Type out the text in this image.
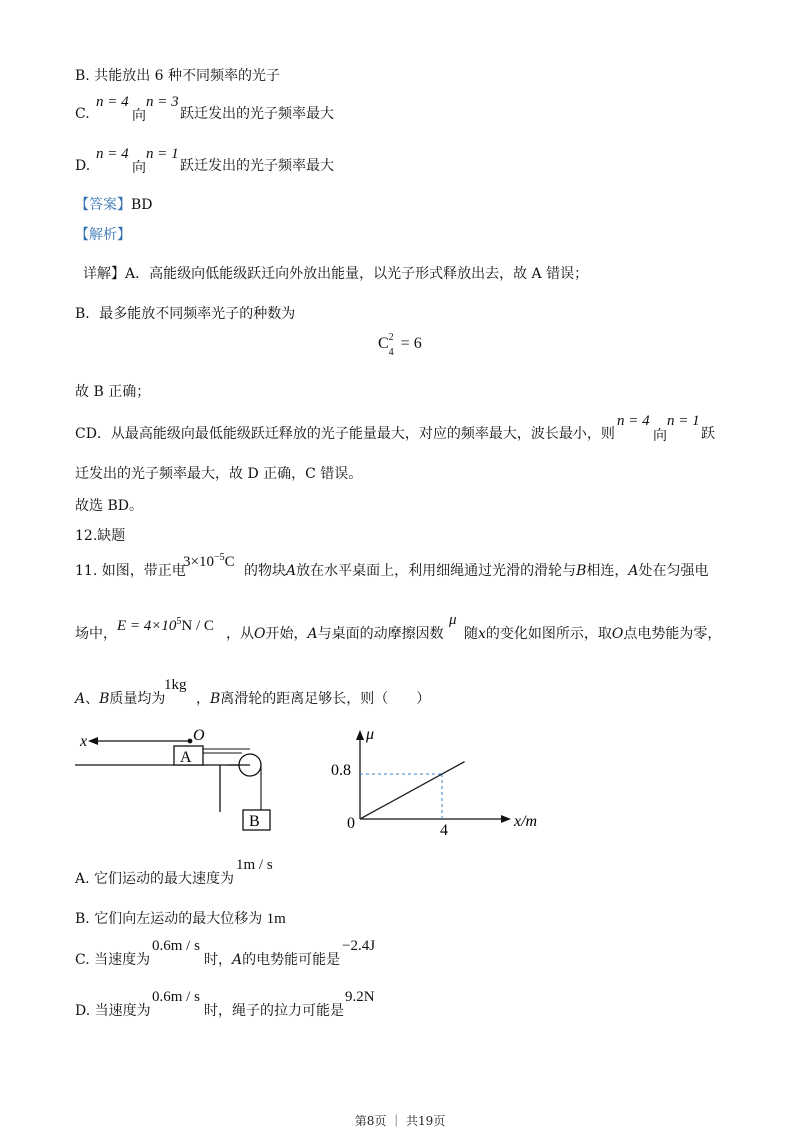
B. 共能放出 6 种不同频率的光子
C.
n = 4
向
n = 3
跃迁发出的光子频率最大
D.
n = 4
向
n = 1
跃迁发出的光子频率最大
【答案】BD
【解析】
详解】A．高能级向低能级跃迁向外放出能量，以光子形式释放出去，故 A 错误；
B．最多能放不同频率光子的种数为
C 2
4
= 6
故 B 正确；
CD．从最高能级向最低能级跃迁释放的光子能量最大，对应的频率最大，波长最小，则
n = 4
向
n = 1
跃
迁发出的光子频率最大，故 D 正确，C 错误。
故选 BD。
12.缺题
11. 如图，带正电
$3\times 10^{-5}C$
的物块A放在水平桌面上，利用细绳通过光滑的滑轮与B相连，A处在匀强电
场中， $E = 4\times 10^5N / C$ ，从O开始，A与桌面的动摩擦因数
μ
随x的变化如图所示，取O点电势能为零，
A、B质量均为
1kg
，B离滑轮的距离足够长，则（　　）
x	O
A
B
μ
x/m
0	4
0.8
A. 它们运动的最大速度为
1m / s
B. 它们向左运动的最大位移为 1m
C. 当速度为
0.6m / s
时，A的电势能可能是
−2.4J
D. 当速度为
0.6m / s
时，绳子的拉力可能是
9.2N
第8页 ｜ 共19页
